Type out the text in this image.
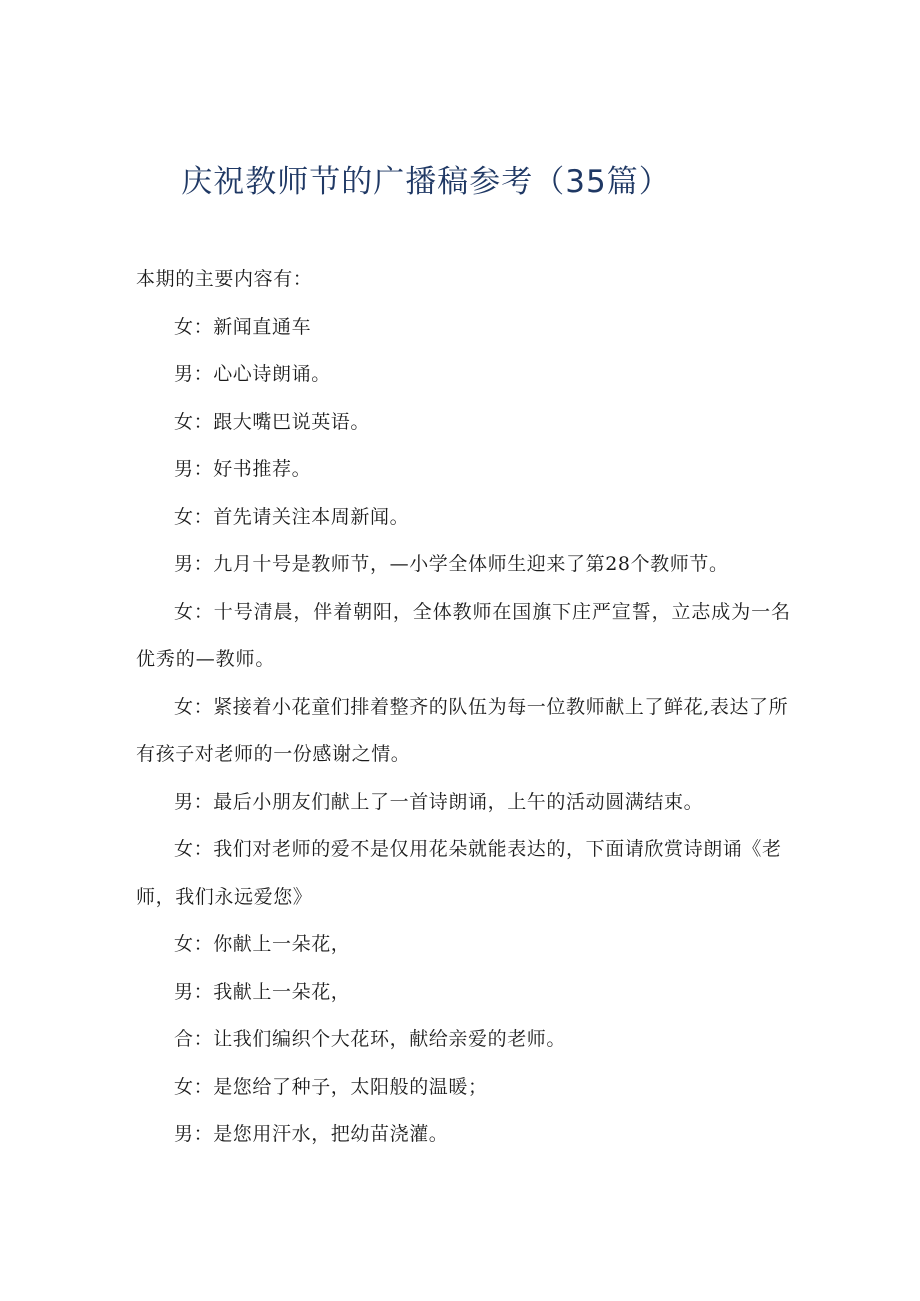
庆祝教师节的广播稿参考（35篇）

本期的主要内容有：

女：新闻直通车

男：心心诗朗诵。

女：跟大嘴巴说英语。

男：好书推荐。

女：首先请关注本周新闻。

男：九月十号是教师节，—小学全体师生迎来了第28个教师节。

女：十号清晨，伴着朝阳，全体教师在国旗下庄严宣誓，立志成为一名优秀的—教师。

女：紧接着小花童们排着整齐的队伍为每一位教师献上了鲜花,表达了所有孩子对老师的一份感谢之情。

男：最后小朋友们献上了一首诗朗诵，上午的活动圆满结束。

女：我们对老师的爱不是仅用花朵就能表达的，下面请欣赏诗朗诵《老师，我们永远爱您》

女：你献上一朵花，

男：我献上一朵花，

合：让我们编织个大花环，献给亲爱的老师。

女：是您给了种子，太阳般的温暖；

男：是您用汗水，把幼苗浇灌。
